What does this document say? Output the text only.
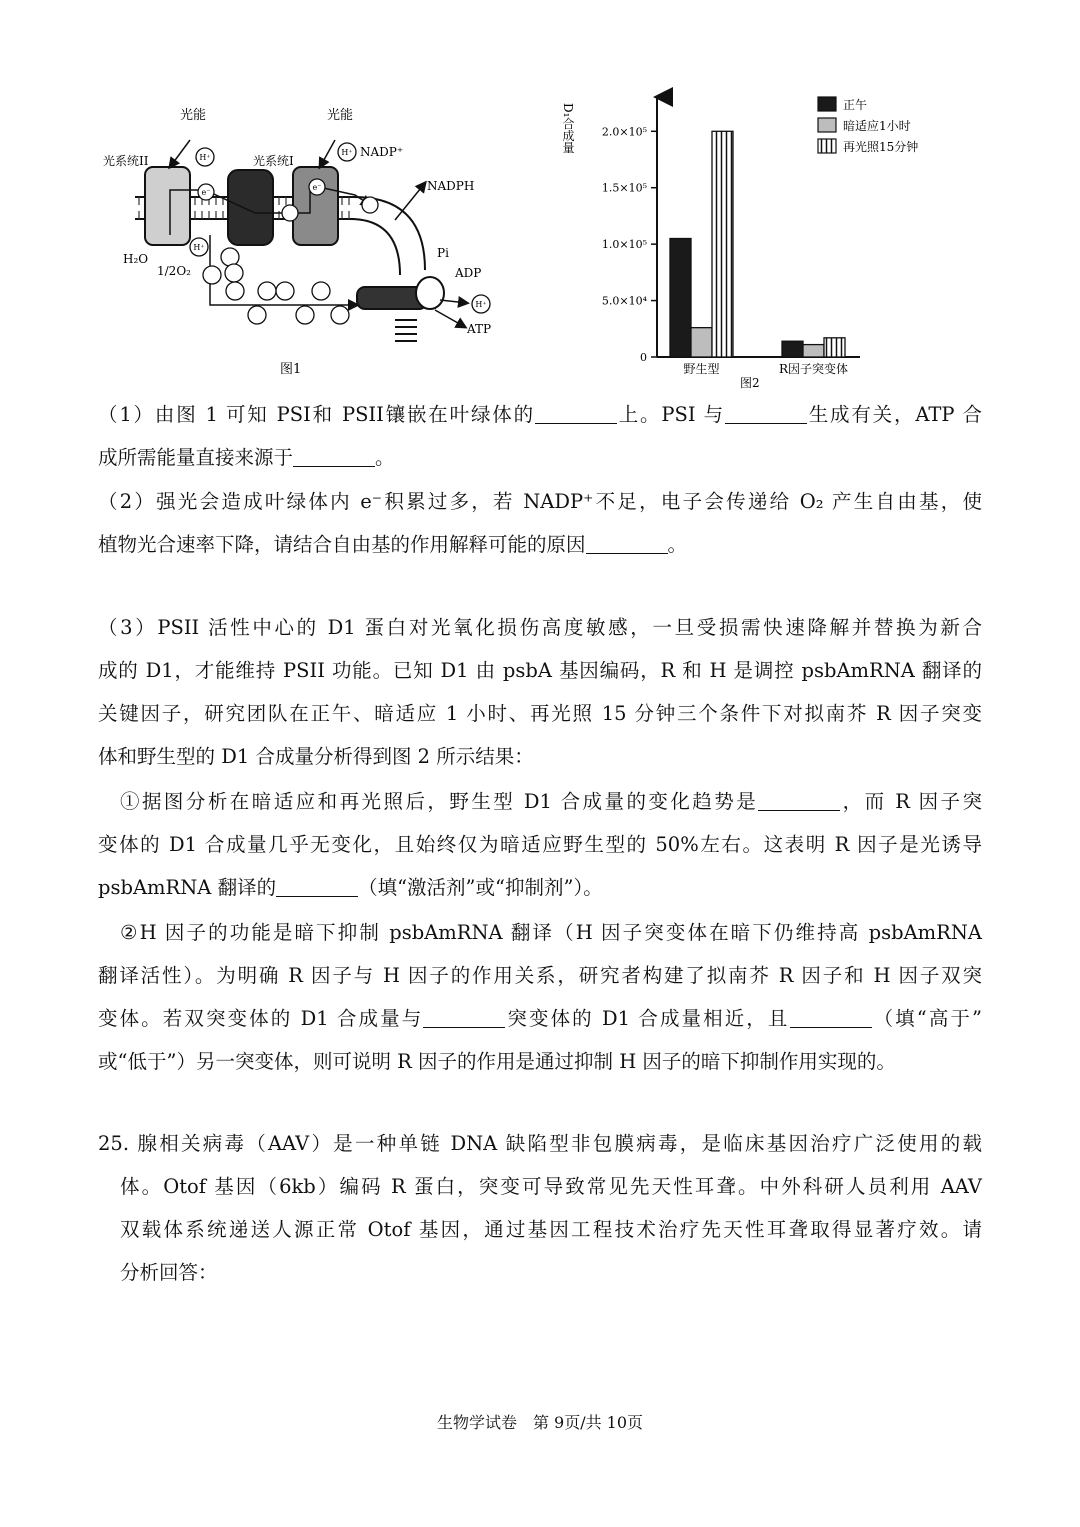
光能	光能
光系统II	光系统I
H₂O
1/2O₂
NADP⁺
NADPH
Pi
ADP
ATP
H⁺
H⁺
H⁺
H⁺
e⁻
e⁻
图1
D₁合成量
0
5.0×10⁴
1.0×10⁵
1.5×10⁵
2.0×10⁵
野生型	R因子突变体
正午
暗适应1小时
再光照15分钟
图2

（1）由图 1 可知 PSI和 PSII镶嵌在叶绿体的	上。PSI 与	生成有关，ATP 合

成所需能量直接来源于	。

（2）强光会造成叶绿体内 e⁻积累过多，若 NADP⁺不足，电子会传递给 O₂ 产生自由基，使

植物光合速率下降，请结合自由基的作用解释可能的原因	。

（3）PSII 活性中心的 D1 蛋白对光氧化损伤高度敏感，一旦受损需快速降解并替换为新合

成的 D1，才能维持 PSII 功能。已知 D1 由 psbA 基因编码，R 和 H 是调控 psbAmRNA 翻译的

关键因子，研究团队在正午、暗适应 1 小时、再光照 15 分钟三个条件下对拟南芥 R 因子突变

体和野生型的 D1 合成量分析得到图 2 所示结果：

①据图分析在暗适应和再光照后，野生型 D1 合成量的变化趋势是	，而 R 因子突

变体的 D1 合成量几乎无变化，且始终仅为暗适应野生型的 50%左右。这表明 R 因子是光诱导

psbAmRNA 翻译的	（填“激活剂”或“抑制剂”）。

②H 因子的功能是暗下抑制 psbAmRNA 翻译（H 因子突变体在暗下仍维持高 psbAmRNA

翻译活性）。为明确 R 因子与 H 因子的作用关系，研究者构建了拟南芥 R 因子和 H 因子双突

变体。若双突变体的 D1 合成量与	突变体的 D1 合成量相近，且	（填“高于”

或“低于”）另一突变体，则可说明 R 因子的作用是通过抑制 H 因子的暗下抑制作用实现的。

25. 腺相关病毒（AAV）是一种单链 DNA 缺陷型非包膜病毒，是临床基因治疗广泛使用的载
体。Otof 基因（6kb）编码 R 蛋白，突变可导致常见先天性耳聋。中外科研人员利用 AAV
双载体系统递送人源正常 Otof 基因，通过基因工程技术治疗先天性耳聋取得显著疗效。请
分析回答：
生物学试卷　第 9页/共 10页
